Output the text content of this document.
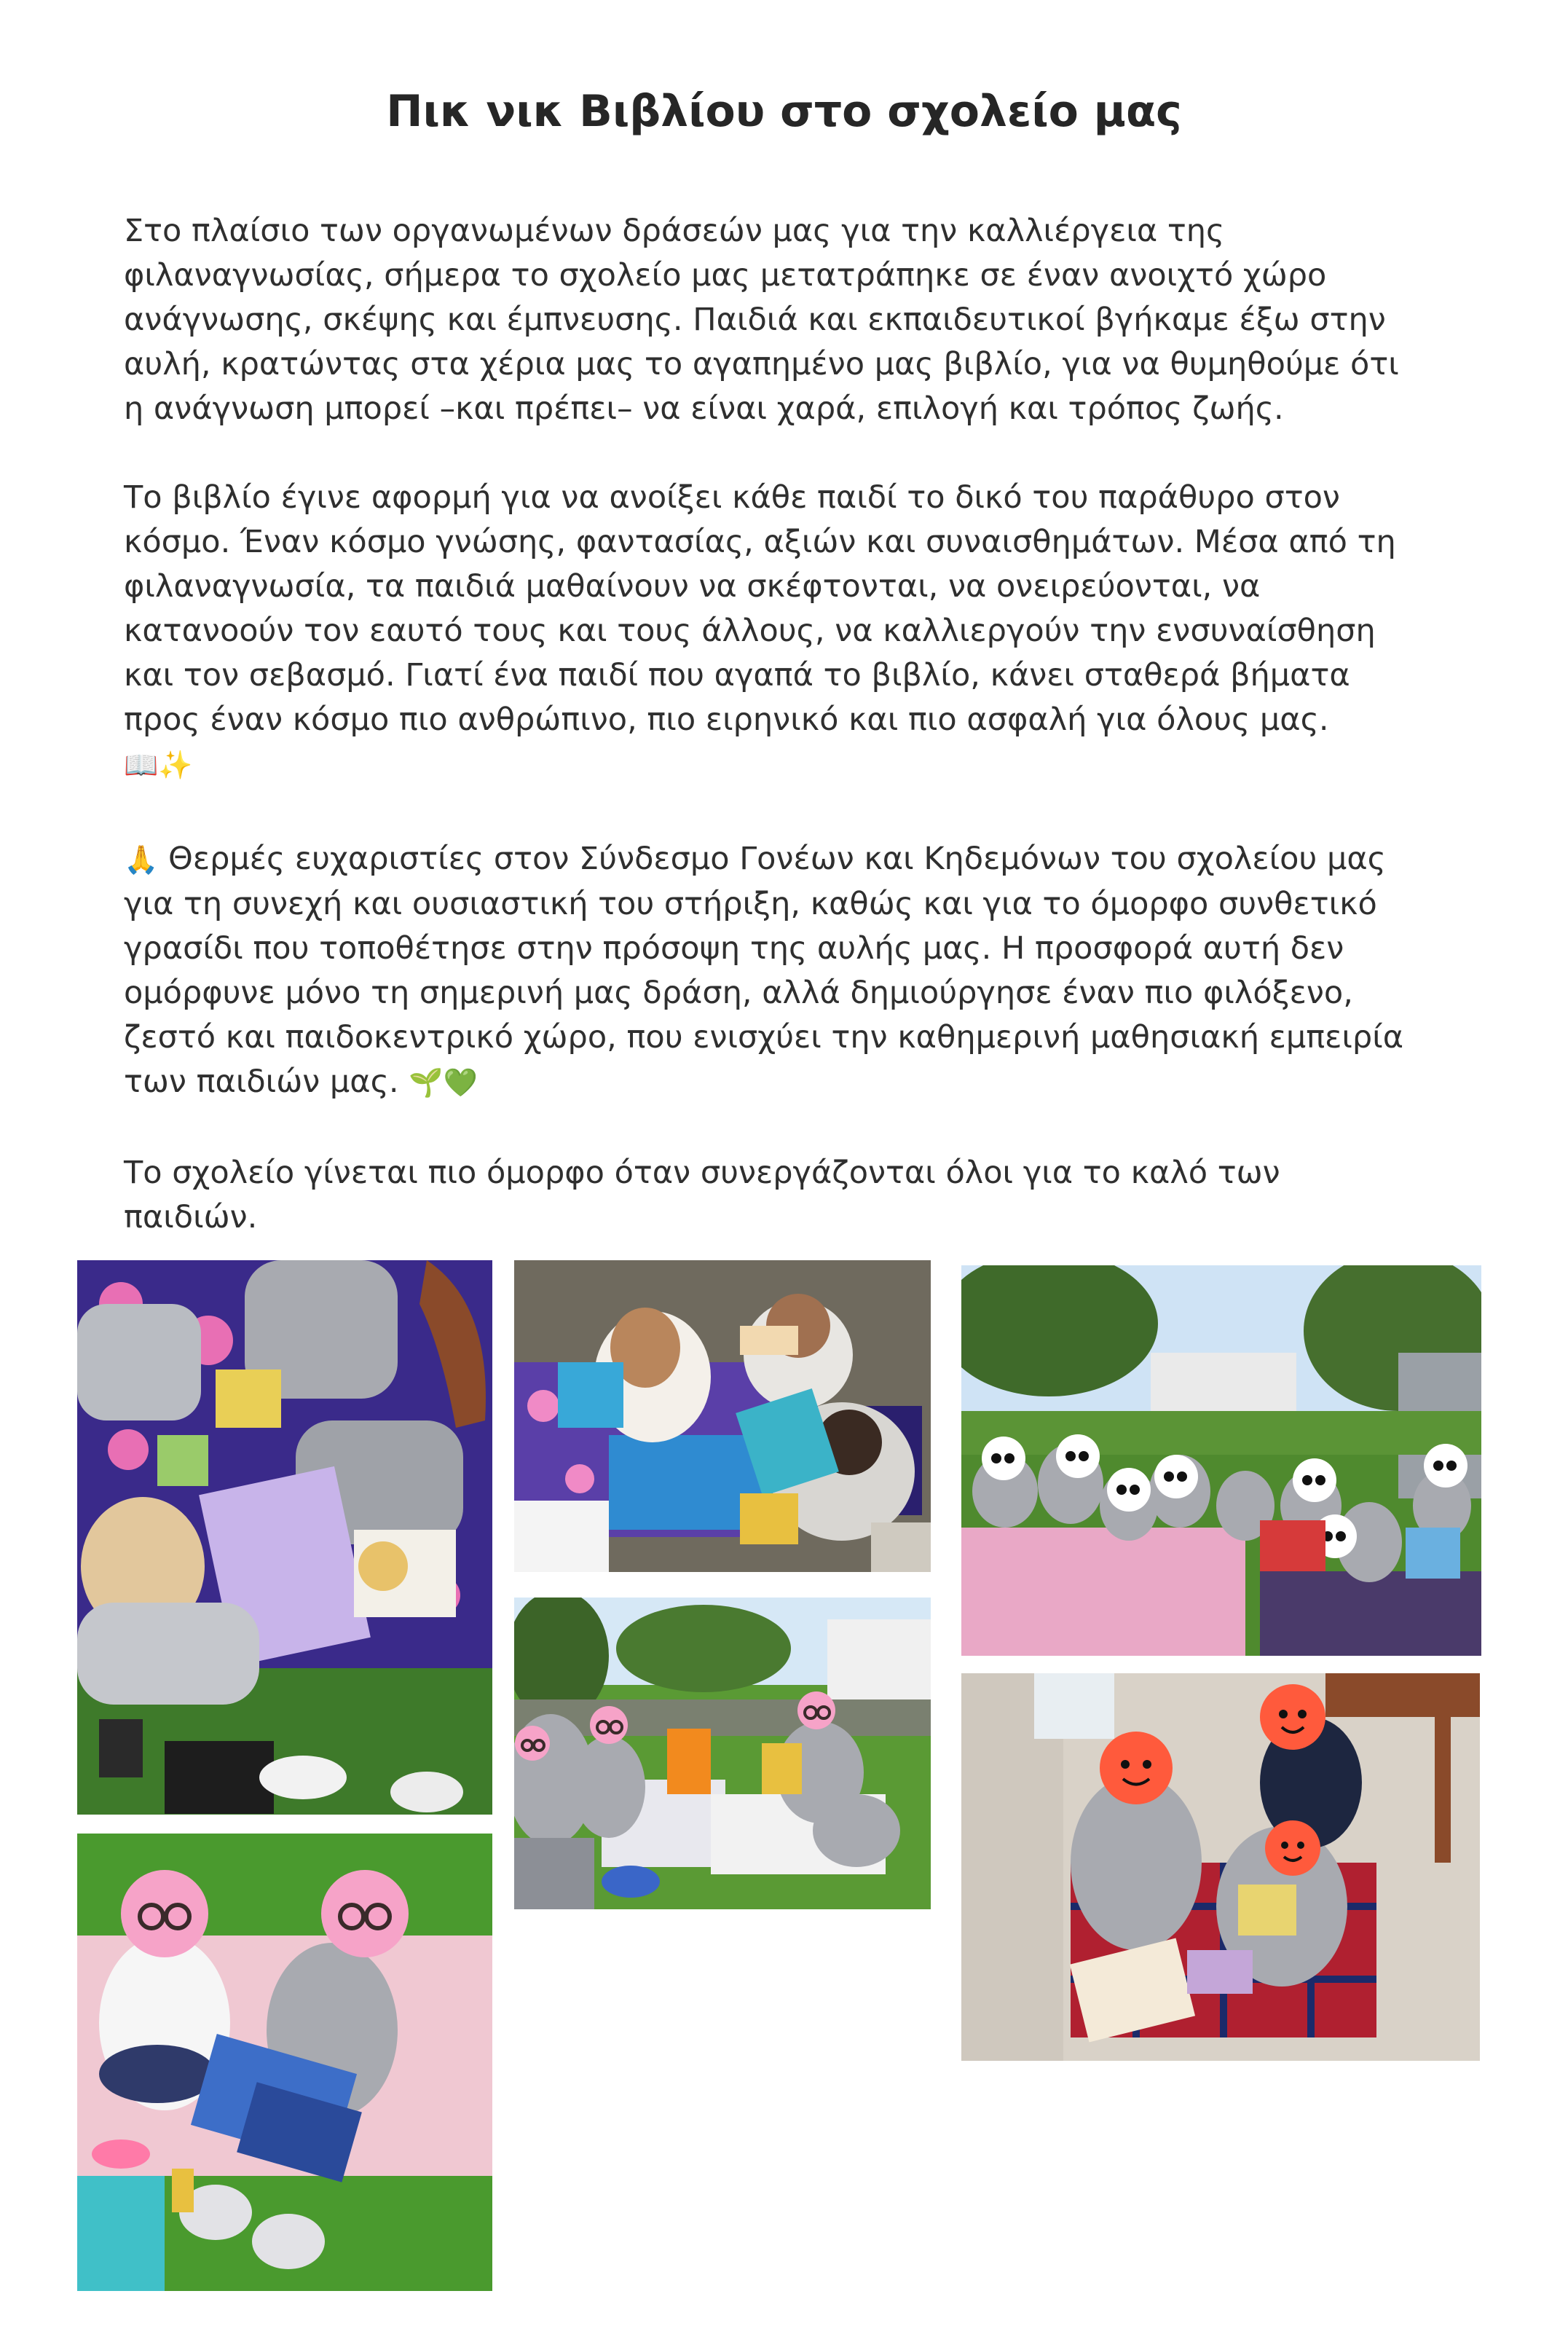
Πικ νικ Βιβλίου στο σχολείο μας

Στο πλαίσιο των οργανωμένων δράσεών μας για την καλλιέργεια της φιλαναγνωσίας, σήμερα το σχολείο μας μετατράπηκε σε έναν ανοιχτό χώρο ανάγνωσης, σκέψης και έμπνευσης. Παιδιά και εκπαιδευτικοί βγήκαμε έξω στην αυλή, κρατώντας στα χέρια μας το αγαπημένο μας βιβλίο, για να θυμηθούμε ότι η ανάγνωση μπορεί –και πρέπει– να είναι χαρά, επιλογή και τρόπος ζωής.

Το βιβλίο έγινε αφορμή για να ανοίξει κάθε παιδί το δικό του παράθυρο στον κόσμο. Έναν κόσμο γνώσης, φαντασίας, αξιών και συναισθημάτων. Μέσα από τη φιλαναγνωσία, τα παιδιά μαθαίνουν να σκέφτονται, να ονειρεύονται, να κατανοούν τον εαυτό τους και τους άλλους, να καλλιεργούν την ενσυναίσθηση και τον σεβασμό. Γιατί ένα παιδί που αγαπά το βιβλίο, κάνει σταθερά βήματα προς έναν κόσμο πιο ανθρώπινο, πιο ειρηνικό και πιο ασφαλή για όλους μας.
📖✨

🙏 Θερμές ευχαριστίες στον Σύνδεσμο Γονέων και Κηδεμόνων του σχολείου μας για τη συνεχή και ουσιαστική του στήριξη, καθώς και για το όμορφο συνθετικό γρασίδι που τοποθέτησε στην πρόσοψη της αυλής μας. Η προσφορά αυτή δεν ομόρφυνε μόνο τη σημερινή μας δράση, αλλά δημιούργησε έναν πιο φιλόξενο, ζεστό και παιδοκεντρικό χώρο, που ενισχύει την καθημερινή μαθησιακή εμπειρία των παιδιών μας. 🌱💚

Το σχολείο γίνεται πιο όμορφο όταν συνεργάζονται όλοι για το καλό των παιδιών.
